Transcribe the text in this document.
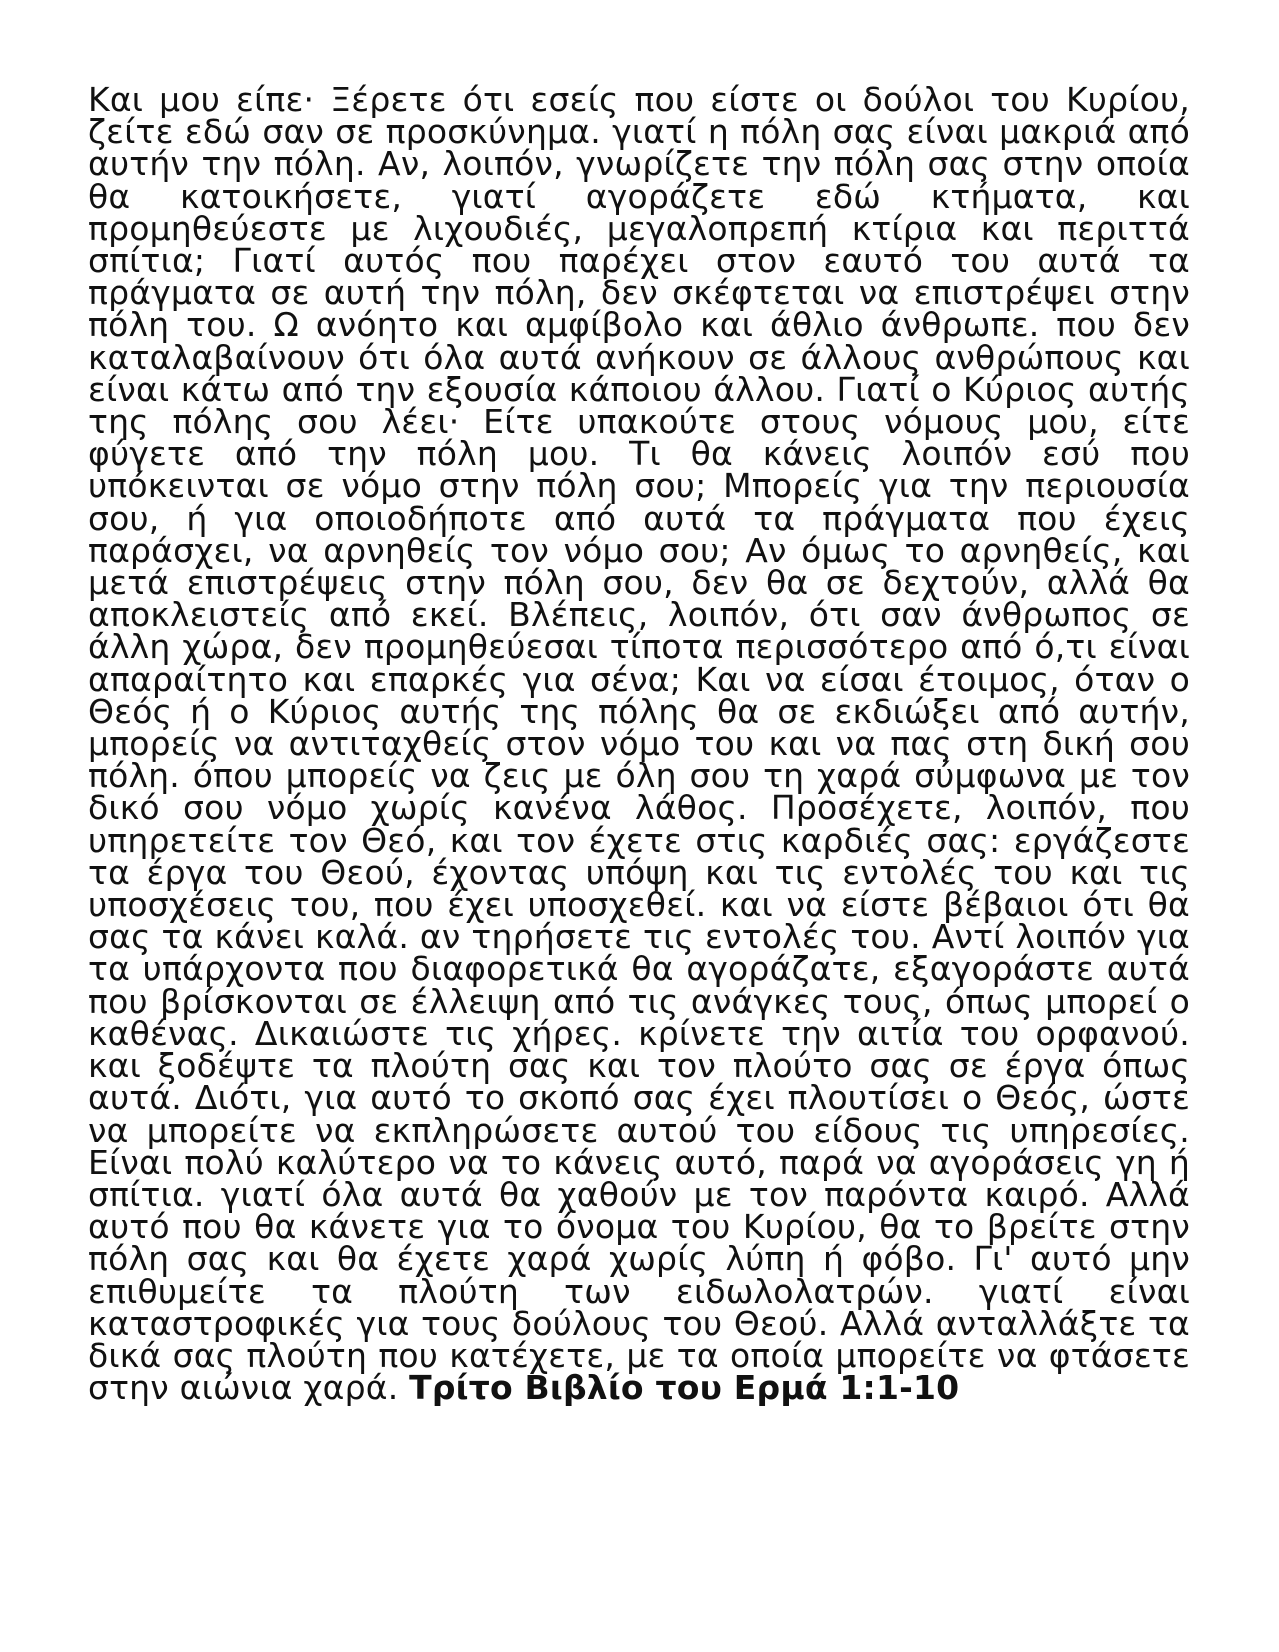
Και μου είπε· Ξέρετε ότι εσείς που είστε οι δούλοι του Κυρίου, ζείτε εδώ σαν σε προσκύνημα. γιατί η πόλη σας είναι μακριά από αυτήν την πόλη. Αν, λοιπόν, γνωρίζετε την πόλη σας στην οποία θα κατοικήσετε, γιατί αγοράζετε εδώ κτήματα, και προμηθεύεστε με λιχουδιές, μεγαλοπρεπή κτίρια και περιττά σπίτια; Γιατί αυτός που παρέχει στον εαυτό του αυτά τα πράγματα σε αυτή την πόλη, δεν σκέφτεται να επιστρέψει στην πόλη του. Ω ανόητο και αμφίβολο και άθλιο άνθρωπε. που δεν καταλαβαίνουν ότι όλα αυτά ανήκουν σε άλλους ανθρώπους και είναι κάτω από την εξουσία κάποιου άλλου. Γιατί ο Κύριος αυτής της πόλης σου λέει· Είτε υπακούτε στους νόμους μου, είτε φύγετε από την πόλη μου. Τι θα κάνεις λοιπόν εσύ που υπόκεινται σε νόμο στην πόλη σου; Μπορείς για την περιουσία σου, ή για οποιοδήποτε από αυτά τα πράγματα που έχεις παράσχει, να αρνηθείς τον νόμο σου; Αν όμως το αρνηθείς, και μετά επιστρέψεις στην πόλη σου, δεν θα σε δεχτούν, αλλά θα αποκλειστείς από εκεί. Βλέπεις, λοιπόν, ότι σαν άνθρωπος σε άλλη χώρα, δεν προμηθεύεσαι τίποτα περισσότερο από ό,τι είναι απαραίτητο και επαρκές για σένα; Και να είσαι έτοιμος, όταν ο Θεός ή ο Κύριος αυτής της πόλης θα σε εκδιώξει από αυτήν, μπορείς να αντιταχθείς στον νόμο του και να πας στη δική σου πόλη. όπου μπορείς να ζεις με όλη σου τη χαρά σύμφωνα με τον δικό σου νόμο χωρίς κανένα λάθος. Προσέχετε, λοιπόν, που υπηρετείτε τον Θεό, και τον έχετε στις καρδιές σας: εργάζεστε τα έργα του Θεού, έχοντας υπόψη και τις εντολές του και τις υποσχέσεις του, που έχει υποσχεθεί. και να είστε βέβαιοι ότι θα σας τα κάνει καλά. αν τηρήσετε τις εντολές του. Αντί λοιπόν για τα υπάρχοντα που διαφορετικά θα αγοράζατε, εξαγοράστε αυτά που βρίσκονται σε έλλειψη από τις ανάγκες τους, όπως μπορεί ο καθένας. Δικαιώστε τις χήρες. κρίνετε την αιτία του ορφανού. και ξοδέψτε τα πλούτη σας και τον πλούτο σας σε έργα όπως αυτά. Διότι, για αυτό το σκοπό σας έχει πλουτίσει ο Θεός, ώστε να μπορείτε να εκπληρώσετε αυτού του είδους τις υπηρεσίες. Είναι πολύ καλύτερο να το κάνεις αυτό, παρά να αγοράσεις γη ή σπίτια. γιατί όλα αυτά θα χαθούν με τον παρόντα καιρό. Αλλά αυτό που θα κάνετε για το όνομα του Κυρίου, θα το βρείτε στην πόλη σας και θα έχετε χαρά χωρίς λύπη ή φόβο. Γι' αυτό μην επιθυμείτε τα πλούτη των ειδωλολατρών. γιατί είναι καταστροφικές για τους δούλους του Θεού. Αλλά ανταλλάξτε τα δικά σας πλούτη που κατέχετε, με τα οποία μπορείτε να φτάσετε στην αιώνια χαρά. Τρίτο Βιβλίο του Ερμά 1:1-10
